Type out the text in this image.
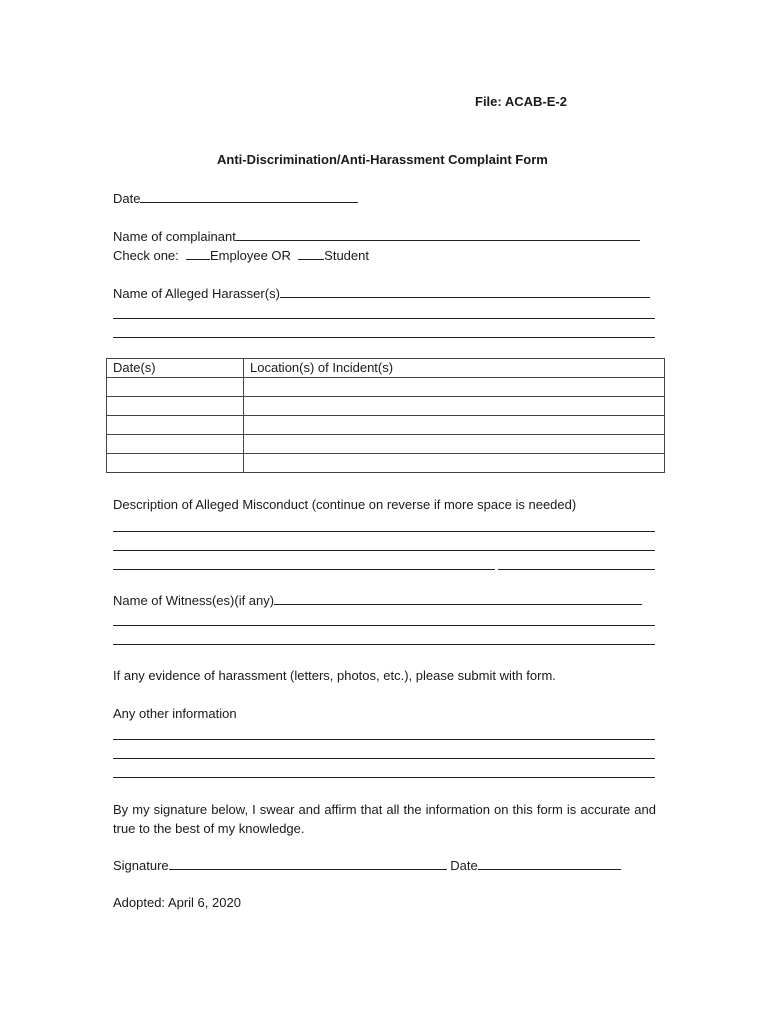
File: ACAB-E-2
Anti-Discrimination/Anti-Harassment Complaint Form
Date
Name of complainant
Check one: Employee OR	Student
Name of Alleged Harasser(s)
Date(s)	Location(s) of Incident(s)

Description of Alleged Misconduct (continue on reverse if more space is needed)
Name of Witness(es)(if any)
If any evidence of harassment (letters, photos, etc.), please submit with form.
Any other information
By my signature below, I swear and affirm that all the information on this form is accurate and true to the best of my knowledge.
Signature	Date
Adopted: April 6, 2020
